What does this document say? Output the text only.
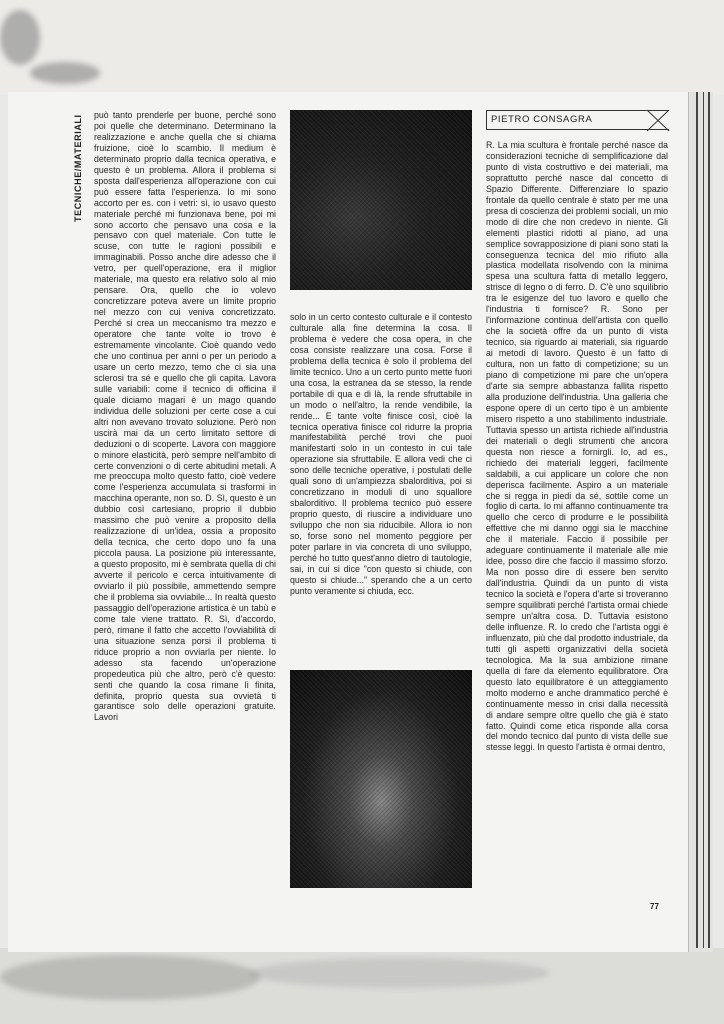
TECNICHE/MATERIALI può tanto prenderle per buone, perché sono poi quelle che determinano. Determinano la realizzazione e anche quella che si chiama fruizione, cioè lo scambio. Il medium è determinato proprio dalla tecnica operativa, e questo è un problema. Allora il problema si sposta dall'esperienza all'operazione con cui può essere fatta l'esperienza. Io mi sono accorto per es. con i vetri: sì, io usavo questo materiale perché mi funzionava bene, poi mi sono accorto che pensavo una cosa e la pensavo con quel materiale. Con tutte le scuse, con tutte le ragioni possibili e immaginabili. Posso anche dire adesso che il vetro, per quell'operazione, era il miglior materiale, ma questo era relativo solo al mio pensare. Ora, quello che io volevo concretizzare poteva avere un limite proprio nel mezzo con cui veniva concretizzato. Perché si crea un meccanismo tra mezzo e operatore che tante volte io trovo è estremamente vincolante. Cioè quando vedo che uno continua per anni o per un periodo a usare un certo mezzo, temo che ci sia una sclerosi tra sé e quello che gli capita. Lavora sulle variabili: come il tecnico di officina il quale diciamo magari è un mago quando individua delle soluzioni per certe cose a cui altri non avevano trovato soluzione. Però non uscirà mai da un certo limitato settore di deduzioni o di scoperte. Lavora con maggiore o minore elasticità, però sempre nell'ambito di certe convenzioni o di certe abitudini metali. A me preoccupa molto questo fatto, cioè vedere come l'esperienza accumulata si trasformi in macchina operante, non so. D. Sì, questo è un dubbio così cartesiano, proprio il dubbio massimo che può venire a proposito della realizzazione di un'idea, ossia a proposito della tecnica, che certo dopo uno fa una piccola pausa. La posizione più interessante, a questo proposito, mi è sembrata quella di chi avverte il pericolo e cerca intuitivamente di ovviarlo il più possibile, ammettendo sempre che il problema sia ovviabile... In realtà questo passaggio dell'operazione artistica è un tabù e come tale viene trattato. R. Sì, d'accordo, però, rimane il fatto che accetto l'ovviabilità di una situazione senza porsi il problema ti riduce proprio a non ovviarla per niente. Io adesso sta facendo un'operazione propedeutica più che altro, però c'è questo: senti che quando la cosa rimane lì finita, definita, proprio questa sua ovvietà ti garantisce solo delle operazioni gratuite. Lavori

solo in un certo contesto culturale e il contesto culturale alla fine determina la cosa. Il problema è vedere che cosa opera, in che cosa consiste realizzare una cosa. Forse il problema della tecnica è solo il problema del limite tecnico. Uno a un certo punto mette fuori una cosa, la estranea da se stesso, la rende portabile di qua e di là, la rende sfruttabile in un modo o nell'altro, la rende vendibile, la rende... E tante volte finisce così, cioè la tecnica operativa finisce col ridurre la propria manifestabilità perché trovi che puoi manifestarti solo in un contesto in cui tale operazione sia sfruttabile. E allora vedi che ci sono delle tecniche operative, i postulati delle quali sono di un'ampiezza sbalorditiva, poi si concretizzano in moduli di uno squallore sbalorditivo. Il problema tecnico può essere proprio questo, di riuscire a individuare uno sviluppo che non sia riducibile. Allora io non so, forse sono nel momento peggiore per poter parlare in via concreta di uno sviluppo, perché ho tutto quest'anno dietro di tautologie, sai, in cui si dice "con questo si chiude, con questo si chiude..." sperando che a un certo punto veramente si chiuda, ecc.

PIETRO CONSAGRA

R. La mia scultura è frontale perché nasce da considerazioni tecniche di semplificazione dal punto di vista costruttivo e dei materiali, ma soprattutto perché nasce dal concetto di Spazio Differente. Differenziare lo spazio frontale da quello centrale è stato per me una presa di coscienza dei problemi sociali, un mio modo di dire che non credevo in niente. Gli elementi plastici ridotti al piano, ad una semplice sovrapposizione di piani sono stati la conseguenza tecnica del mio rifiuto alla plastica modellata risolvendo con la minima spesa una scultura fatta di metallo leggero, strisce di legno o di ferro. D. C'è uno squilibrio tra le esigenze del tuo lavoro e quello che l'industria ti fornisce? R. Sono per l'informazione continua dell'artista con quello che la società offre da un punto di vista tecnico, sia riguardo ai materiali, sia riguardo ai metodi di lavoro. Questo è un fatto di cultura, non un fatto di competizione; su un piano di competizione mi pare che un'opera d'arte sia sempre abbastanza fallita rispetto alla produzione dell'industria. Una galleria che espone opere di un certo tipo è un ambiente misero rispetto a uno stabilimento industriale. Tuttavia spesso un artista richiede all'industria dei materiali o degli strumenti che ancora questa non riesce a fornirgli. Io, ad es., richiedo dei materiali leggeri, facilmente saldabili, a cui applicare un colore che non deperisca facilmente. Aspiro a un materiale che si regga in piedi da sé, sottile come un foglio di carta. Io mi affanno continuamente tra quello che cerco di produrre e le possibilità effettive che mi danno oggi sia le macchine che il materiale. Faccio il possibile per adeguare continuamente il materiale alle mie idee, posso dire che faccio il massimo sforzo. Ma non posso dire di essere ben servito dall'industria. Quindi da un punto di vista tecnico la società e l'opera d'arte si troveranno sempre squilibrati perché l'artista ormai chiede sempre un'altra cosa. D. Tuttavia esistono delle influenze. R. Io credo che l'artista oggi è influenzato, più che dal prodotto industriale, da tutti gli aspetti organizzativi della società tecnologica. Ma la sua ambizione rimane quella di fare da elemento equilibratore. Ora questo lato equilibratore è un atteggiamento molto moderno e anche drammatico perché è continuamente messo in crisi dalla necessità di andare sempre oltre quello che già è stato fatto. Quindi come etica risponde alla corsa del mondo tecnico dal punto di vista delle sue stesse leggi. In questo l'artista è ormai dentro,

77
